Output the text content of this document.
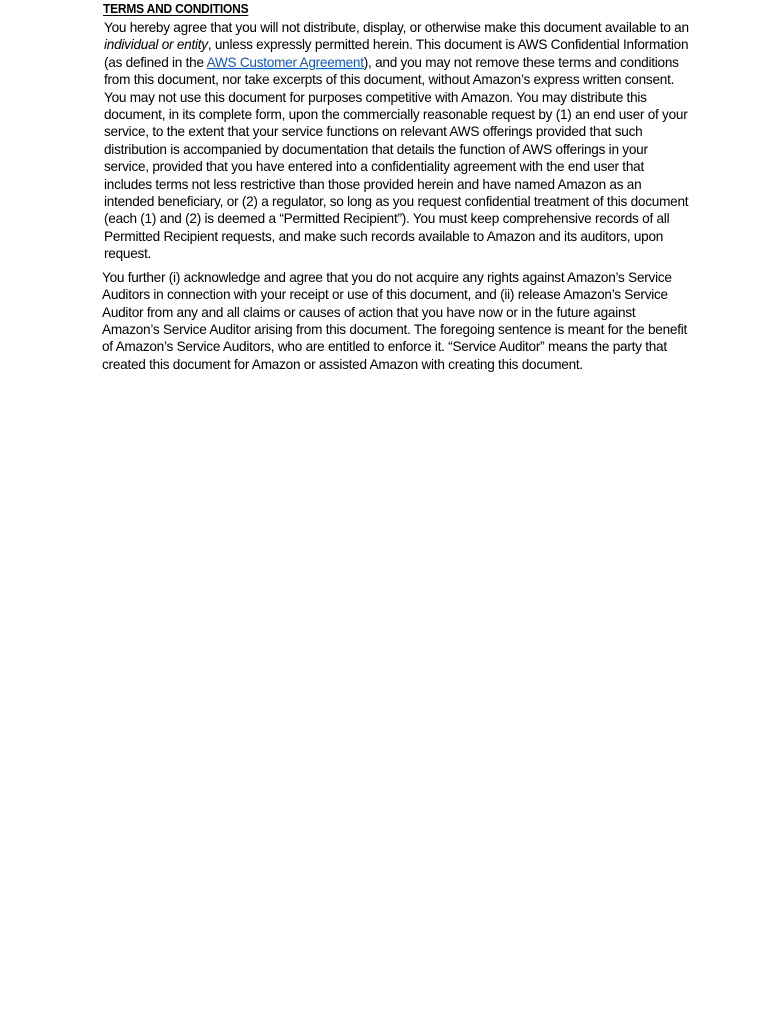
TERMS AND CONDITIONS

You hereby agree that you will not distribute, display, or otherwise make this document available to an individual or entity, unless expressly permitted herein. This document is AWS Confidential Information (as defined in the AWS Customer Agreement), and you may not remove these terms and conditions from this document, nor take excerpts of this document, without Amazon’s express written consent. You may not use this document for purposes competitive with Amazon. You may distribute this document, in its complete form, upon the commercially reasonable request by (1) an end user of your service, to the extent that your service functions on relevant AWS offerings provided that such distribution is accompanied by documentation that details the function of AWS offerings in your service, provided that you have entered into a confidentiality agreement with the end user that includes terms not less restrictive than those provided herein and have named Amazon as an intended beneficiary, or (2) a regulator, so long as you request confidential treatment of this document (each (1) and (2) is deemed a “Permitted Recipient”). You must keep comprehensive records of all Permitted Recipient requests, and make such records available to Amazon and its auditors, upon request.

You further (i) acknowledge and agree that you do not acquire any rights against Amazon’s Service Auditors in connection with your receipt or use of this document, and (ii) release Amazon’s Service Auditor from any and all claims or causes of action that you have now or in the future against Amazon’s Service Auditor arising from this document. The foregoing sentence is meant for the benefit of Amazon’s Service Auditors, who are entitled to enforce it. “Service Auditor” means the party that created this document for Amazon or assisted Amazon with creating this document.
